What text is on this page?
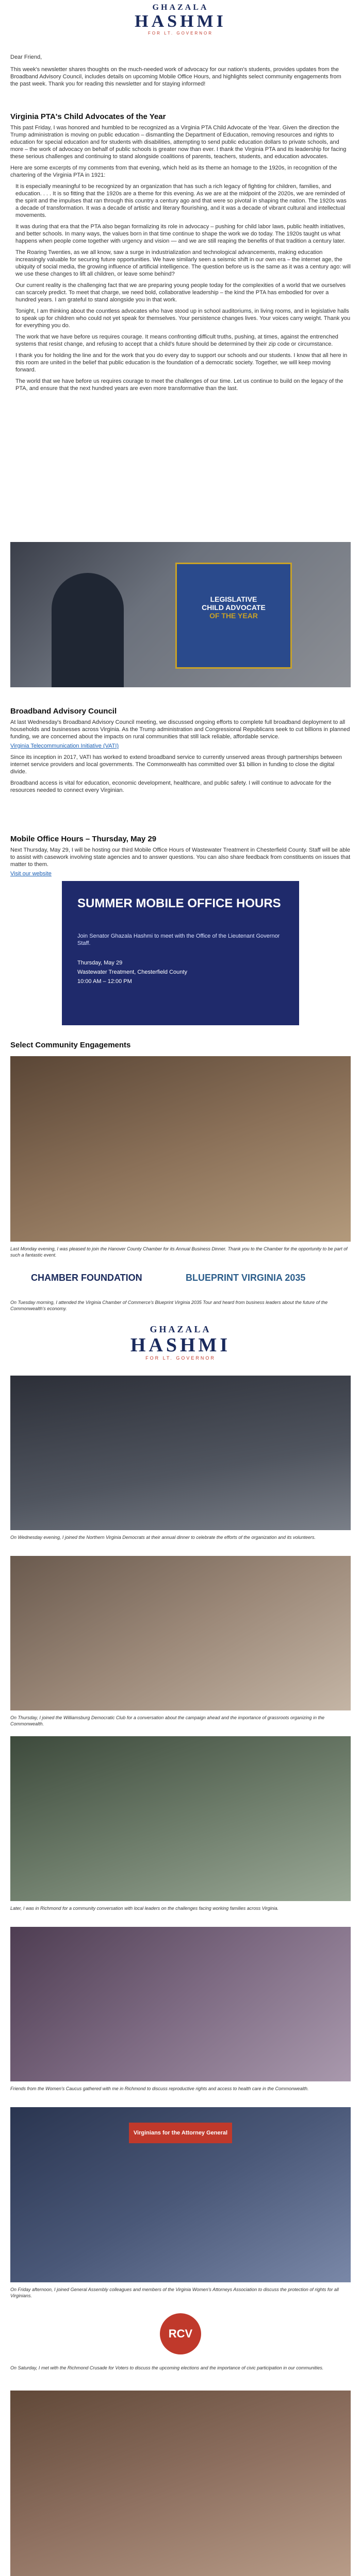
GHAZALA
HASHMI
FOR LT. GOVERNOR

Dear Friend,

This week's newsletter shares thoughts on the much-needed work of advocacy for our nation's students, provides updates from the Broadband Advisory Council, includes details on upcoming Mobile Office Hours, and highlights select community engagements from the past week. Thank you for reading this newsletter and for staying informed!

Virginia PTA's Child Advocates of the Year

This past Friday, I was honored and humbled to be recognized as a Virginia PTA Child Advocate of the Year. Given the direction the Trump administration is moving on public education – dismantling the Department of Education, removing resources and rights to education for special education and for students with disabilities, attempting to send public education dollars to private schools, and more – the work of advocacy on behalf of public schools is greater now than ever. I thank the Virginia PTA and its leadership for facing these serious challenges and continuing to stand alongside coalitions of parents, teachers, students, and education advocates.

Here are some excerpts of my comments from that evening, which held as its theme an homage to the 1920s, in recognition of the chartering of the Virginia PTA in 1921:

It is especially meaningful to be recognized by an organization that has such a rich legacy of fighting for children, families, and education. . . . It is so fitting that the 1920s are a theme for this evening. As we are at the midpoint of the 2020s, we are reminded of the spirit and the impulses that ran through this country a century ago and that were so pivotal in shaping the nation. The 1920s was a decade of transformation. It was a decade of artistic and literary flourishing, and it was a decade of vibrant cultural and intellectual movements.

It was during that era that the PTA also began formalizing its role in advocacy – pushing for child labor laws, public health initiatives, and better schools. In many ways, the values born in that time continue to shape the work we do today. The 1920s taught us what happens when people come together with urgency and vision — and we are still reaping the benefits of that tradition a century later.

The Roaring Twenties, as we all know, saw a surge in industrialization and technological advancements, making education increasingly valuable for securing future opportunities. We have similarly seen a seismic shift in our own era – the internet age, the ubiquity of social media, the growing influence of artificial intelligence. The question before us is the same as it was a century ago: will we use these changes to lift all children, or leave some behind?

Our current reality is the challenging fact that we are preparing young people today for the complexities of a world that we ourselves can scarcely predict. To meet that charge, we need bold, collaborative leadership – the kind the PTA has embodied for over a hundred years. I am grateful to stand alongside you in that work.

Tonight, I am thinking about the countless advocates who have stood up in school auditoriums, in living rooms, and in legislative halls to speak up for children who could not yet speak for themselves. Your persistence changes lives. Your voices carry weight. Thank you for everything you do.

The work that we have before us requires courage. It means confronting difficult truths, pushing, at times, against the entrenched systems that resist change, and refusing to accept that a child's future should be determined by their zip code or circumstance.

I thank you for holding the line and for the work that you do every day to support our schools and our students. I know that all here in this room are united in the belief that public education is the foundation of a democratic society. Together, we will keep moving forward.

The world that we have before us requires courage to meet the challenges of our time. Let us continue to build on the legacy of the PTA, and ensure that the next hundred years are even more transformative than the last.

LEGISLATIVE
CHILD ADVOCATE
OF THE YEAR
Broadband Advisory Council

At last Wednesday's Broadband Advisory Council meeting, we discussed ongoing efforts to complete full broadband deployment to all households and businesses across Virginia. As the Trump administration and Congressional Republicans seek to cut billions in planned funding, we are concerned about the impacts on rural communities that still lack reliable, affordable service.

Virginia Telecommunication Initiative (VATI)

Since its inception in 2017, VATI has worked to extend broadband service to currently unserved areas through partnerships between internet service providers and local governments. The Commonwealth has committed over $1 billion in funding to close the digital divide.

Broadband access is vital for education, economic development, healthcare, and public safety. I will continue to advocate for the resources needed to connect every Virginian.

Mobile Office Hours – Thursday, May 29

Next Thursday, May 29, I will be hosting our third Mobile Office Hours of Wastewater Treatment in Chesterfield County. Staff will be able to assist with casework involving state agencies and to answer questions. You can also share feedback from constituents on issues that matter to them.

Visit our website

SUMMER MOBILE OFFICE HOURS
Join Senator Ghazala Hashmi to meet with the Office of the Lieutenant Governor Staff.
Thursday, May 29
Wastewater Treatment, Chesterfield County
10:00 AM – 12:00 PM
Select Community Engagements

Last Monday evening, I was pleased to join the Hanover County Chamber for its Annual Business Dinner. Thank you to the Chamber for the opportunity to be part of such a fantastic event.

CHAMBER FOUNDATION	BLUEPRINT VIRGINIA 2035

On Tuesday morning, I attended the Virginia Chamber of Commerce's Blueprint Virginia 2035 Tour and heard from business leaders about the future of the Commonwealth's economy.

GHAZALA
HASHMI
FOR LT. GOVERNOR

On Wednesday evening, I joined the Northern Virginia Democrats at their annual dinner to celebrate the efforts of the organization and its volunteers.

On Thursday, I joined the Williamsburg Democratic Club for a conversation about the campaign ahead and the importance of grassroots organizing in the Commonwealth.

Later, I was in Richmond for a community conversation with local leaders on the challenges facing working families across Virginia.

Friends from the Women's Caucus gathered with me in Richmond to discuss reproductive rights and access to health care in the Commonwealth.

Virginians for the Attorney General

On Friday afternoon, I joined General Assembly colleagues and members of the Virginia Women's Attorneys Association to discuss the protection of rights for all Virginians.

RCV

On Saturday, I met with the Richmond Crusade for Voters to discuss the upcoming elections and the importance of civic participation in our communities.
